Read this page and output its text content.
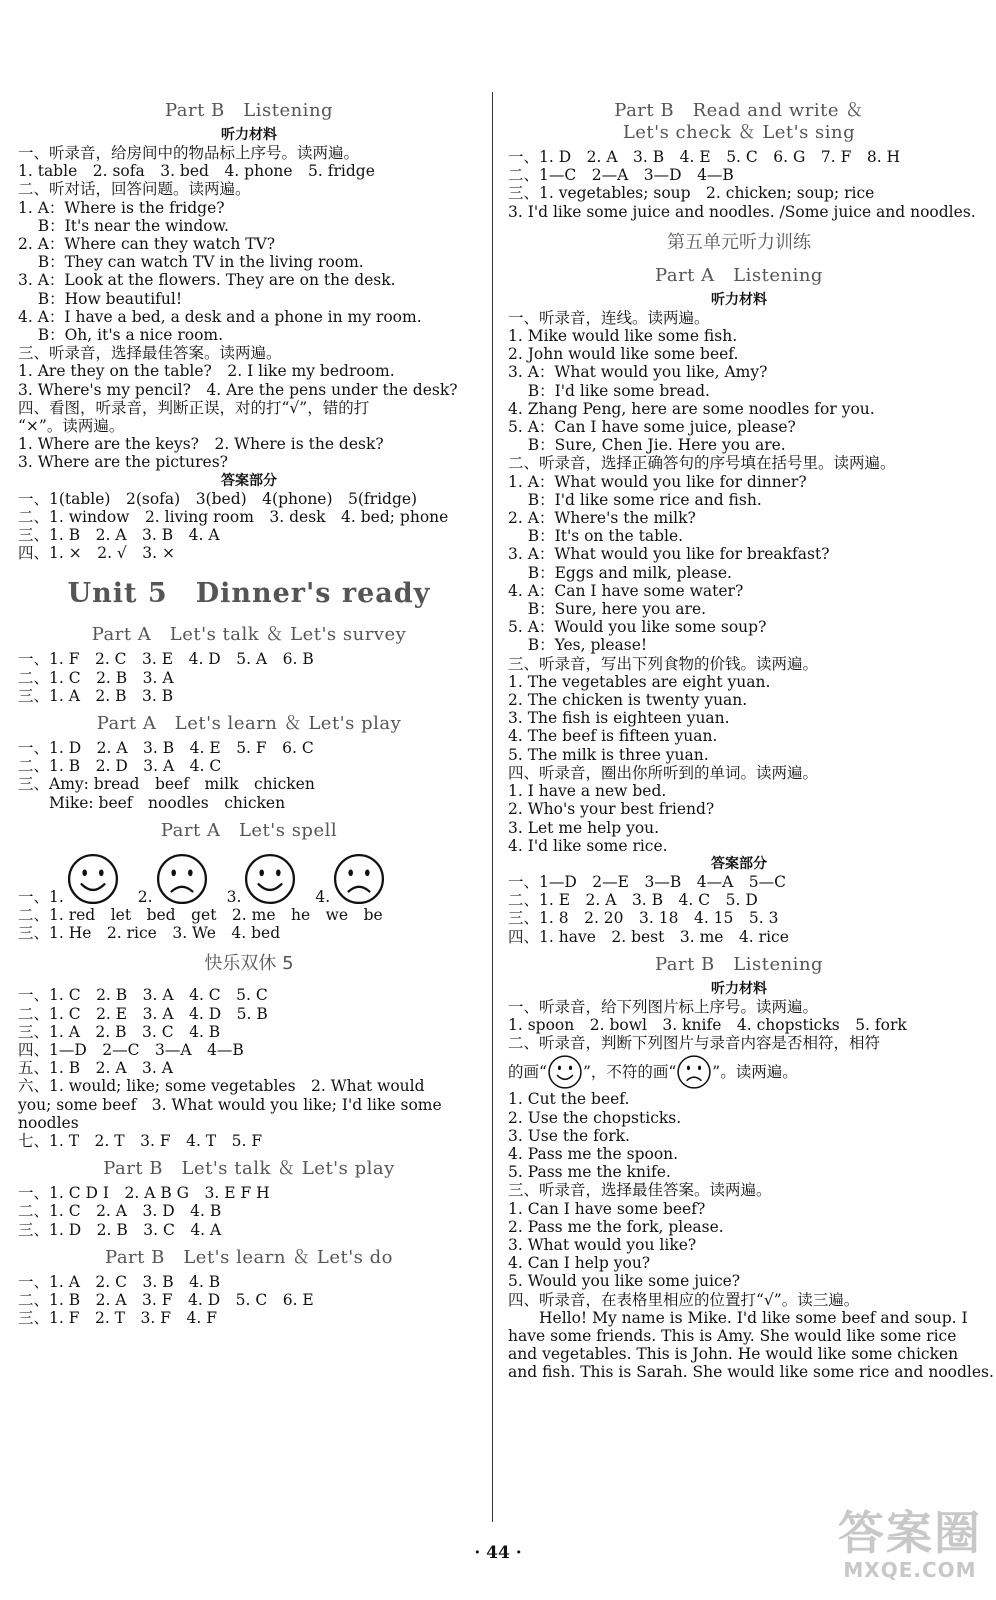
Part B　Listening
听力材料
一、听录音，给房间中的物品标上序号。读两遍。
1. table　2. sofa　3. bed　4. phone　5. fridge
二、听对话，回答问题。读两遍。
1. A：Where is the fridge?
B：It's near the window.
2. A：Where can they watch TV?
B：They can watch TV in the living room.
3. A：Look at the flowers. They are on the desk.
B：How beautiful!
4. A：I have a bed, a desk and a phone in my room.
B：Oh, it's a nice room.
三、听录音，选择最佳答案。读两遍。
1. Are they on the table?　2. I like my bedroom.
3. Where's my pencil?　4. Are the pens under the desk?
四、看图，听录音，判断正误，对的打“√”，错的打
“×”。读两遍。
1. Where are the keys?　2. Where is the desk?
3. Where are the pictures?
答案部分
一、1(table)　2(sofa)　3(bed)　4(phone)　5(fridge)
二、1. window　2. living room　3. desk　4. bed; phone
三、1. B　2. A　3. B　4. A
四、1. ×　2. √　3. ×
Unit 5　Dinner's ready
Part A　Let's talk ＆ Let's survey
一、1. F　2. C　3. E　4. D　5. A　6. B
二、1. C　2. B　3. A
三、1. A　2. B　3. B
Part A　Let's learn ＆ Let's play
一、1. D　2. A　3. B　4. E　5. F　6. C
二、1. B　2. D　3. A　4. C
三、Amy: bread　beef　milk　chicken
　　Mike: beef　noodles　chicken
Part A　Let's spell
一、1.	2.	3.	4.
二、1. red　let　bed　get　2. me　he　we　be
三、1. He　2. rice　3. We　4. bed
快乐双休 5
一、1. C　2. B　3. A　4. C　5. C
二、1. C　2. E　3. A　4. D　5. B
三、1. A　2. B　3. C　4. B
四、1—D　2—C　3—A　4—B
五、1. B　2. A　3. A
六、1. would; like; some vegetables　2. What would
you; some beef　3. What would you like; I'd like some
noodles
七、1. T　2. T　3. F　4. T　5. F
Part B　Let's talk ＆ Let's play
一、1. C D I　2. A B G　3. E F H
二、1. C　2. A　3. D　4. B
三、1. D　2. B　3. C　4. A
Part B　Let's learn ＆ Let's do
一、1. A　2. C　3. B　4. B
二、1. B　2. A　3. F　4. D　5. C　6. E
三、1. F　2. T　3. F　4. F
Part B　Read and write ＆
Let's check ＆ Let's sing
一、1. D　2. A　3. B　4. E　5. C　6. G　7. F　8. H
二、1—C　2—A　3—D　4—B
三、1. vegetables; soup　2. chicken; soup; rice
3. I'd like some juice and noodles. /Some juice and noodles.
第五单元听力训练
Part A　Listening
听力材料
一、听录音，连线。读两遍。
1. Mike would like some fish.
2. John would like some beef.
3. A：What would you like, Amy?
B：I'd like some bread.
4. Zhang Peng, here are some noodles for you.
5. A：Can I have some juice, please?
B：Sure, Chen Jie. Here you are.
二、听录音，选择正确答句的序号填在括号里。读两遍。
1. A：What would you like for dinner?
B：I'd like some rice and fish.
2. A：Where's the milk?
B：It's on the table.
3. A：What would you like for breakfast?
B：Eggs and milk, please.
4. A：Can I have some water?
B：Sure, here you are.
5. A：Would you like some soup?
B：Yes, please!
三、听录音，写出下列食物的价钱。读两遍。
1. The vegetables are eight yuan.
2. The chicken is twenty yuan.
3. The fish is eighteen yuan.
4. The beef is fifteen yuan.
5. The milk is three yuan.
四、听录音，圈出你所听到的单词。读两遍。
1. I have a new bed.
2. Who's your best friend?
3. Let me help you.
4. I'd like some rice.
答案部分
一、1—D　2—E　3—B　4—A　5—C
二、1. E　2. A　3. B　4. C　5. D
三、1. 8　2. 20　3. 18　4. 15　5. 3
四、1. have　2. best　3. me　4. rice
Part B　Listening
听力材料
一、听录音，给下列图片标上序号。读两遍。
1. spoon　2. bowl　3. knife　4. chopsticks　5. fork
二、听录音，判断下列图片与录音内容是否相符，相符
的画“ ”，不符的画“ ”。读两遍。
1. Cut the beef.
2. Use the chopsticks.
3. Use the fork.
4. Pass me the spoon.
5. Pass me the knife.
三、听录音，选择最佳答案。读两遍。
1. Can I have some beef?
2. Pass me the fork, please.
3. What would you like?
4. Can I help you?
5. Would you like some juice?
四、听录音，在表格里相应的位置打“√”。读三遍。
　　Hello! My name is Mike. I'd like some beef and soup. I
have some friends. This is Amy. She would like some rice
and vegetables. This is John. He would like some chicken
and fish. This is Sarah. She would like some rice and noodles.
· 44 ·	答案圈
MXQE.COM
